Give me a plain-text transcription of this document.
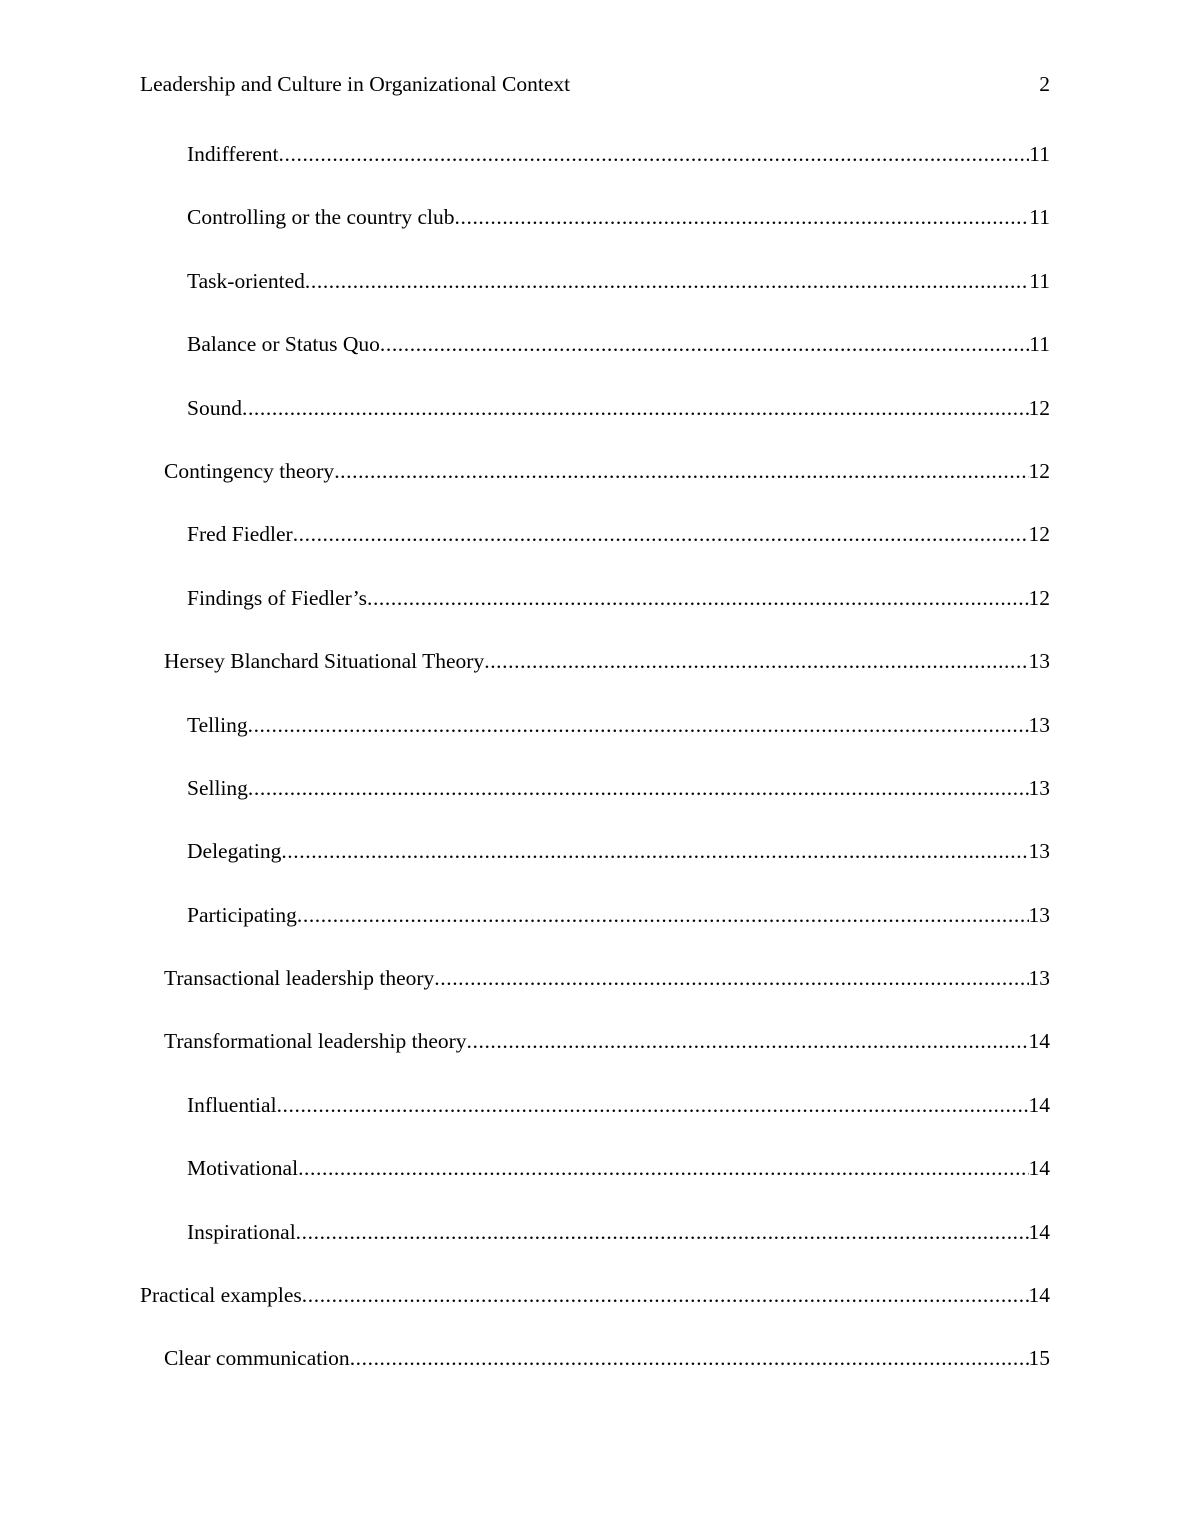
Leadership and Culture in Organizational Context	2
Indifferent .....	11
Controlling or the country club .....	11
Task-oriented .....	11
Balance or Status Quo .....	11
Sound .....	12
Contingency theory .....	12
Fred Fiedler .....	12
Findings of Fiedler’s .....	12
Hersey Blanchard Situational Theory .....	13
Telling .....	13
Selling .....	13
Delegating .....	13
Participating .....	13
Transactional leadership theory .....	13
Transformational leadership theory .....	14
Influential .....	14
Motivational .....	14
Inspirational .....	14
Practical examples .....	14
Clear communication .....	15
